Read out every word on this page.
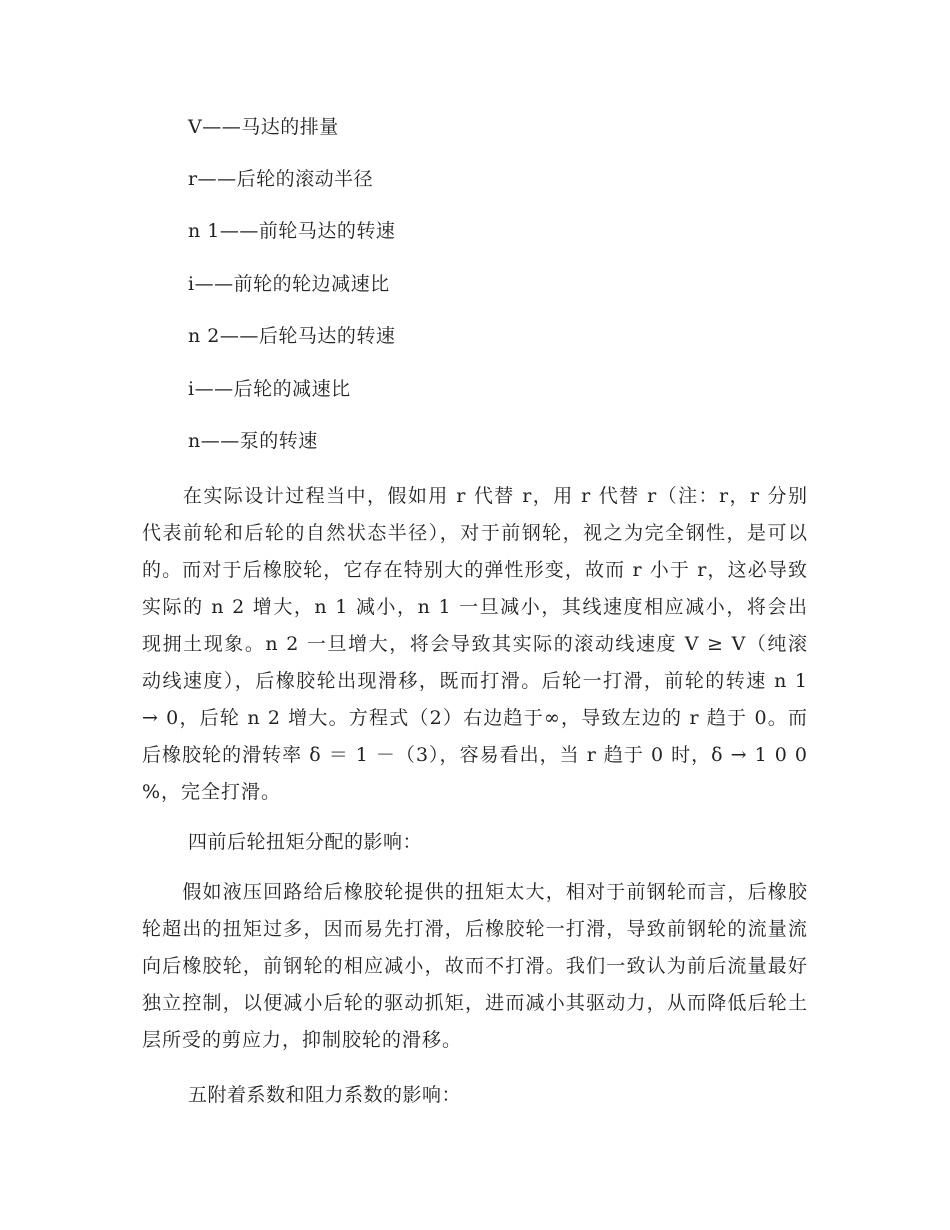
V——马达的排量
r——后轮的滚动半径
n 1——前轮马达的转速
i——前轮的轮边减速比
n 2——后轮马达的转速
i——后轮的减速比
n——泵的转速
　　在实际设计过程当中，假如用 r 代替 r，用 r 代替 r（注：r，r 分别代表前轮和后轮的自然状态半径），对于前钢轮，视之为完全钢性，是可以的。而对于后橡胶轮，它存在特别大的弹性形变，故而 r 小于 r，这必导致实际的 n 2 增大，n 1 减小，n 1 一旦减小，其线速度相应减小，将会出现拥土现象。n 2 一旦增大，将会导致其实际的滚动线速度 V ≥ V（纯滚动线速度），后橡胶轮出现滑移，既而打滑。后轮一打滑，前轮的转速 n 1 → 0，后轮 n 2 增大。方程式（2）右边趋于∞，导致左边的 r 趋于 0。而后橡胶轮的滑转率 δ ＝ 1 －（3），容易看出，当 r 趋于 0 时，δ → 1 0 0 %，完全打滑。
四前后轮扭矩分配的影响：
　　假如液压回路给后橡胶轮提供的扭矩太大，相对于前钢轮而言，后橡胶轮超出的扭矩过多，因而易先打滑，后橡胶轮一打滑，导致前钢轮的流量流向后橡胶轮，前钢轮的相应减小，故而不打滑。我们一致认为前后流量最好独立控制，以便减小后轮的驱动抓矩，进而减小其驱动力，从而降低后轮土层所受的剪应力，抑制胶轮的滑移。
五附着系数和阻力系数的影响：
